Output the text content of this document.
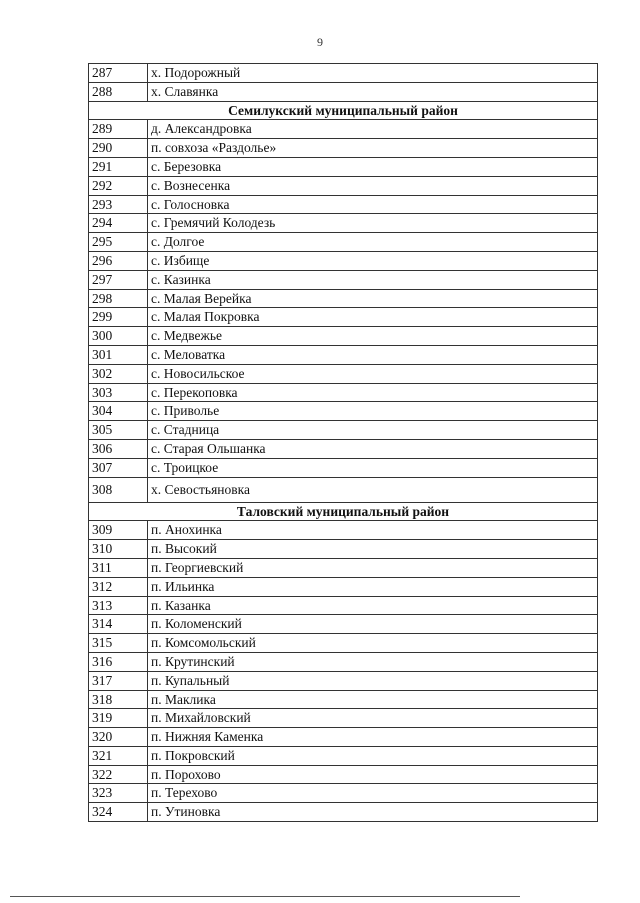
9
287	х. Подорожный
288	х. Славянка
Семилукский муниципальный район	
289	д. Александровка
290	п. совхоза «Раздолье»
291	с. Березовка
292	с. Вознесенка
293	с. Голосновка
294	с. Гремячий Колодезь
295	с. Долгое
296	с. Избище
297	с. Казинка
298	с. Малая Верейка
299	с. Малая Покровка
300	с. Медвежье
301	с. Меловатка
302	с. Новосильское
303	с. Перекоповка
304	с. Приволье
305	с. Стадница
306	с. Старая Ольшанка
307	с. Троицкое
308	х. Севостьяновка
Таловский муниципальный район	
309	п. Анохинка
310	п. Высокий
311	п. Георгиевский
312	п. Ильинка
313	п. Казанка
314	п. Коломенский
315	п. Комсомольский
316	п. Крутинский
317	п. Купальный
318	п. Маклика
319	п. Михайловский
320	п. Нижняя Каменка
321	п. Покровский
322	п. Порохово
323	п. Терехово
324	п. Утиновка
